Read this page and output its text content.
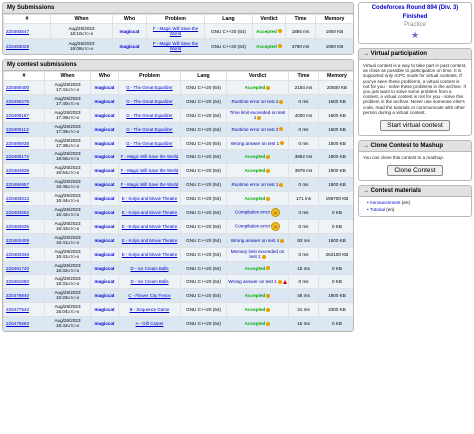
My Submissions
#	When	Who	Problem	Lang	Verdict	Time	Memory
220493547	Aug/26/2023
18:10UTC+8	magiccat	F - Magic Will Save the World	GNU C++20 (64)	Accepted	1856 ms	1900 KB
220493029	Aug/26/2023
18:08UTC+8	magiccat	F - Magic Will Save the World	GNU C++20 (64)	Accepted	3790 ms	1900 KB
My contest submissions
#	When	Who	Problem	Lang	Verdict	Time	Memory
220490400	Aug/26/2023
17:41UTC+8	magiccat	G - The Great Equalizer	GNU C++20 (64)	Accepted	2184 ms	20500 KB
220490275	Aug/26/2023
17:40UTC+8	magiccat	G - The Great Equalizer	GNU C++20 (64)	Runtime error on test 2	0 ms	1600 KB
220490167	Aug/26/2023
17:39UTC+8	magiccat	G - The Great Equalizer	GNU C++20 (64)	Time limit exceeded on test 1	4000 ms	1600 KB
220490113	Aug/26/2023
17:39UTC+8	magiccat	G - The Great Equalizer	GNU C++20 (64)	Runtime error on test 2	0 ms	1600 KB
220490038	Aug/26/2023
17:38UTC+8	magiccat	G - The Great Equalizer	GNU C++20 (64)	Wrong answer on test 1	0 ms	1600 KB
220485172	Aug/26/2023
16:56UTC+8	magiccat	F - Magic Will Save the World	GNU C++20 (64)	Accepted	3962 ms	1900 KB
220484938	Aug/26/2023
16:54UTC+8	magiccat	F - Magic Will Save the World	GNU C++20 (64)	Accepted	3978 ms	1900 KB
220484957	Aug/26/2023
16:45UTC+8	magiccat	F - Magic Will Save the World	GNU C++20 (64)	Runtime error on test 1	0 ms	1900 KB
220483613	Aug/26/2023
16:44UTC+8	magiccat	E - Kolya and Movie Theatre	GNU C++20 (64)	Accepted	171 ms	196700 KB
220483562	Aug/26/2023
16:42UTC+8	magiccat	E - Kolya and Movie Theatre	GNU C++20 (64)	Compilation error ☺	0 ms	0 KB
220483535	Aug/26/2023
16:42UTC+8	magiccat	E - Kolya and Movie Theatre	GNU C++20 (64)	Compilation error ☺	0 ms	0 KB
220483409	Aug/26/2023
16:41UTC+8	magiccat	E - Kolya and Movie Theatre	GNU C++20 (64)	Wrong answer on test 4	93 ms	1600 KB
220483346	Aug/26/2023
16:41UTC+8	magiccat	E - Kolya and Movie Theatre	GNU C++20 (64)	Memory limit exceeded on test 1	0 ms	262100 KB
220481740	Aug/26/2023
16:32UTC+8	magiccat	D - Ice Cream Balls	GNU C++20 (64)	Accepted	15 ms	0 KB
220481680	Aug/26/2023
16:31UTC+8	magiccat	D - Ice Cream Balls	GNU C++20 (64)	Wrong answer on test 1	0 ms	0 KB
220479840	Aug/26/2023
16:26UTC+8	magiccat	C - Flower City Fence	GNU C++20 (64)	Accepted	46 ms	1900 KB
220477542	Aug/26/2023
16:04UTC+8	magiccat	B - Sequence Game	GNU C++20 (64)	Accepted	31 ms	2300 KB
220475693	Aug/26/2023
15:42UTC+8	magiccat	A - Gift Carpet	GNU C++20 (64)	Accepted	15 ms	0 KB
Codeforces Round 894 (Div. 3)
Finished
Practice
★
→ Virtual participation
Virtual contest is a way to take part in past contest, as close as possible to participation on time. It is supported only ICPC mode for virtual contests. If you've seen these problems, a virtual contest is not for you - solve these problems in the archive. If you just want to solve some problem from a contest, a virtual contest is not for you - solve this problem in the archive. Never use someone else's code, read the tutorials or communicate with other person during a virtual contest.
Start virtual contest
→ Clone Contest to Mashup
You can clone this contest to a mashup.
Clone Contest
→ Contest materials
• Announcement (en)
• Tutorial (en)
